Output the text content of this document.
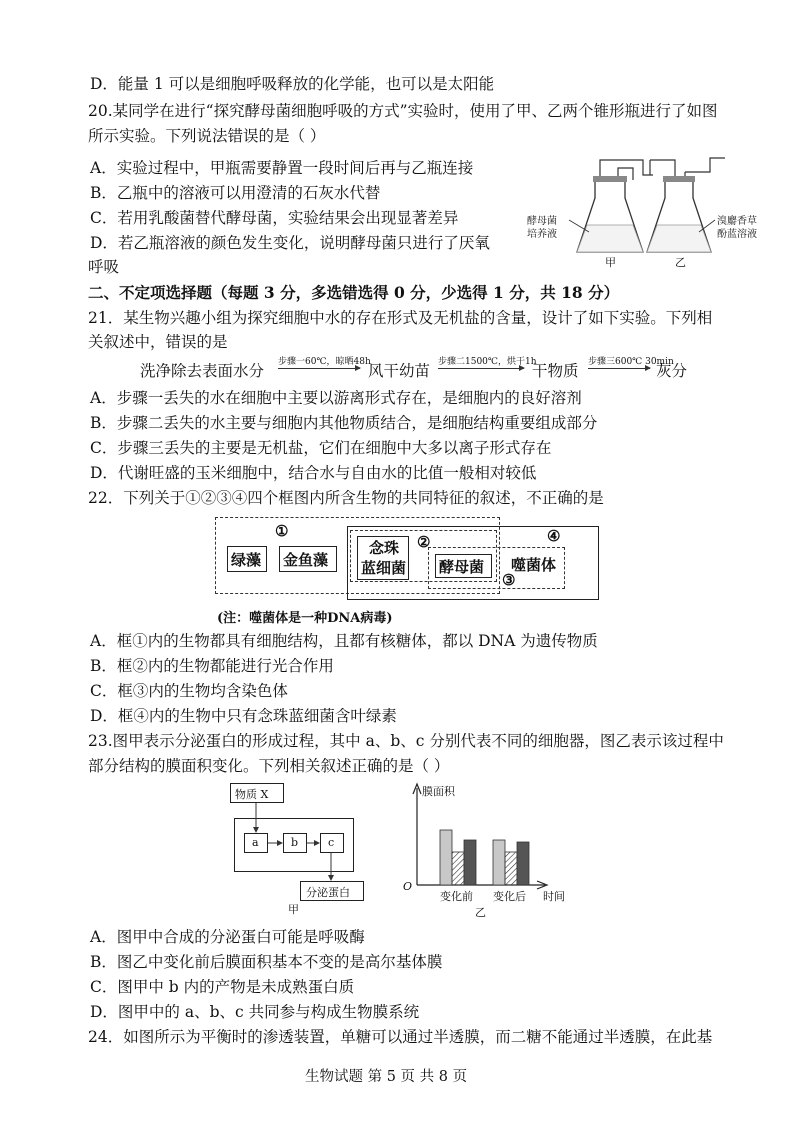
D．能量 1 可以是细胞呼吸释放的化学能，也可以是太阳能
20.某同学在进行“探究酵母菌细胞呼吸的方式”实验时，使用了甲、乙两个锥形瓶进行了如图
所示实验。下列说法错误的是（ ）
A．实验过程中，甲瓶需要静置一段时间后再与乙瓶连接
B．乙瓶中的溶液可以用澄清的石灰水代替
C．若用乳酸菌替代酵母菌，实验结果会出现显著差异
D．若乙瓶溶液的颜色发生变化，说明酵母菌只进行了厌氧
呼吸
酵母菌
培养液
溴麝香草
酚蓝溶液
甲	乙
二、不定项选择题（每题 3 分，多选错选得 0 分，少选得 1 分，共 18 分）
21．某生物兴趣小组为探究细胞中水的存在形式及无机盐的含量，设计了如下实验。下列相
关叙述中，错误的是
洗净除去表面水分 步骤一60℃，晾晒48h
风干幼苗 步骤二1500℃，烘干1h
干物质 步骤三600℃ 30min
灰分
A．步骤一丢失的水在细胞中主要以游离形式存在，是细胞内的良好溶剂
B．步骤二丢失的水主要与细胞内其他物质结合，是细胞结构重要组成部分
C．步骤三丢失的主要是无机盐，它们在细胞中大多以离子形式存在
D．代谢旺盛的玉米细胞中，结合水与自由水的比值一般相对较低
22．下列关于①②③④四个框图内所含生物的共同特征的叙述，不正确的是
①
②
③
④
绿藻 金鱼藻
念珠
蓝细菌 酵母菌 噬菌体
(注：噬菌体是一种DNA病毒)
A．框①内的生物都具有细胞结构，且都有核糖体，都以 DNA 为遗传物质
B．框②内的生物都能进行光合作用
C．框③内的生物均含染色体
D．框④内的生物中只有念珠蓝细菌含叶绿素
23.图甲表示分泌蛋白的形成过程，其中 a、b、c 分别代表不同的细胞器，图乙表示该过程中
部分结构的膜面积变化。下列相关叙述正确的是（ ）
物质 X
a	b	c
分泌蛋白
甲
膜面积
O
变化前 变化后 时间
乙
A．图甲中合成的分泌蛋白可能是呼吸酶
B．图乙中变化前后膜面积基本不变的是高尔基体膜
C．图甲中 b 内的产物是未成熟蛋白质
D．图甲中的 a、b、c 共同参与构成生物膜系统
24．如图所示为平衡时的渗透装置，单糖可以通过半透膜，而二糖不能通过半透膜，在此基
生物试题 第 5 页 共 8 页
